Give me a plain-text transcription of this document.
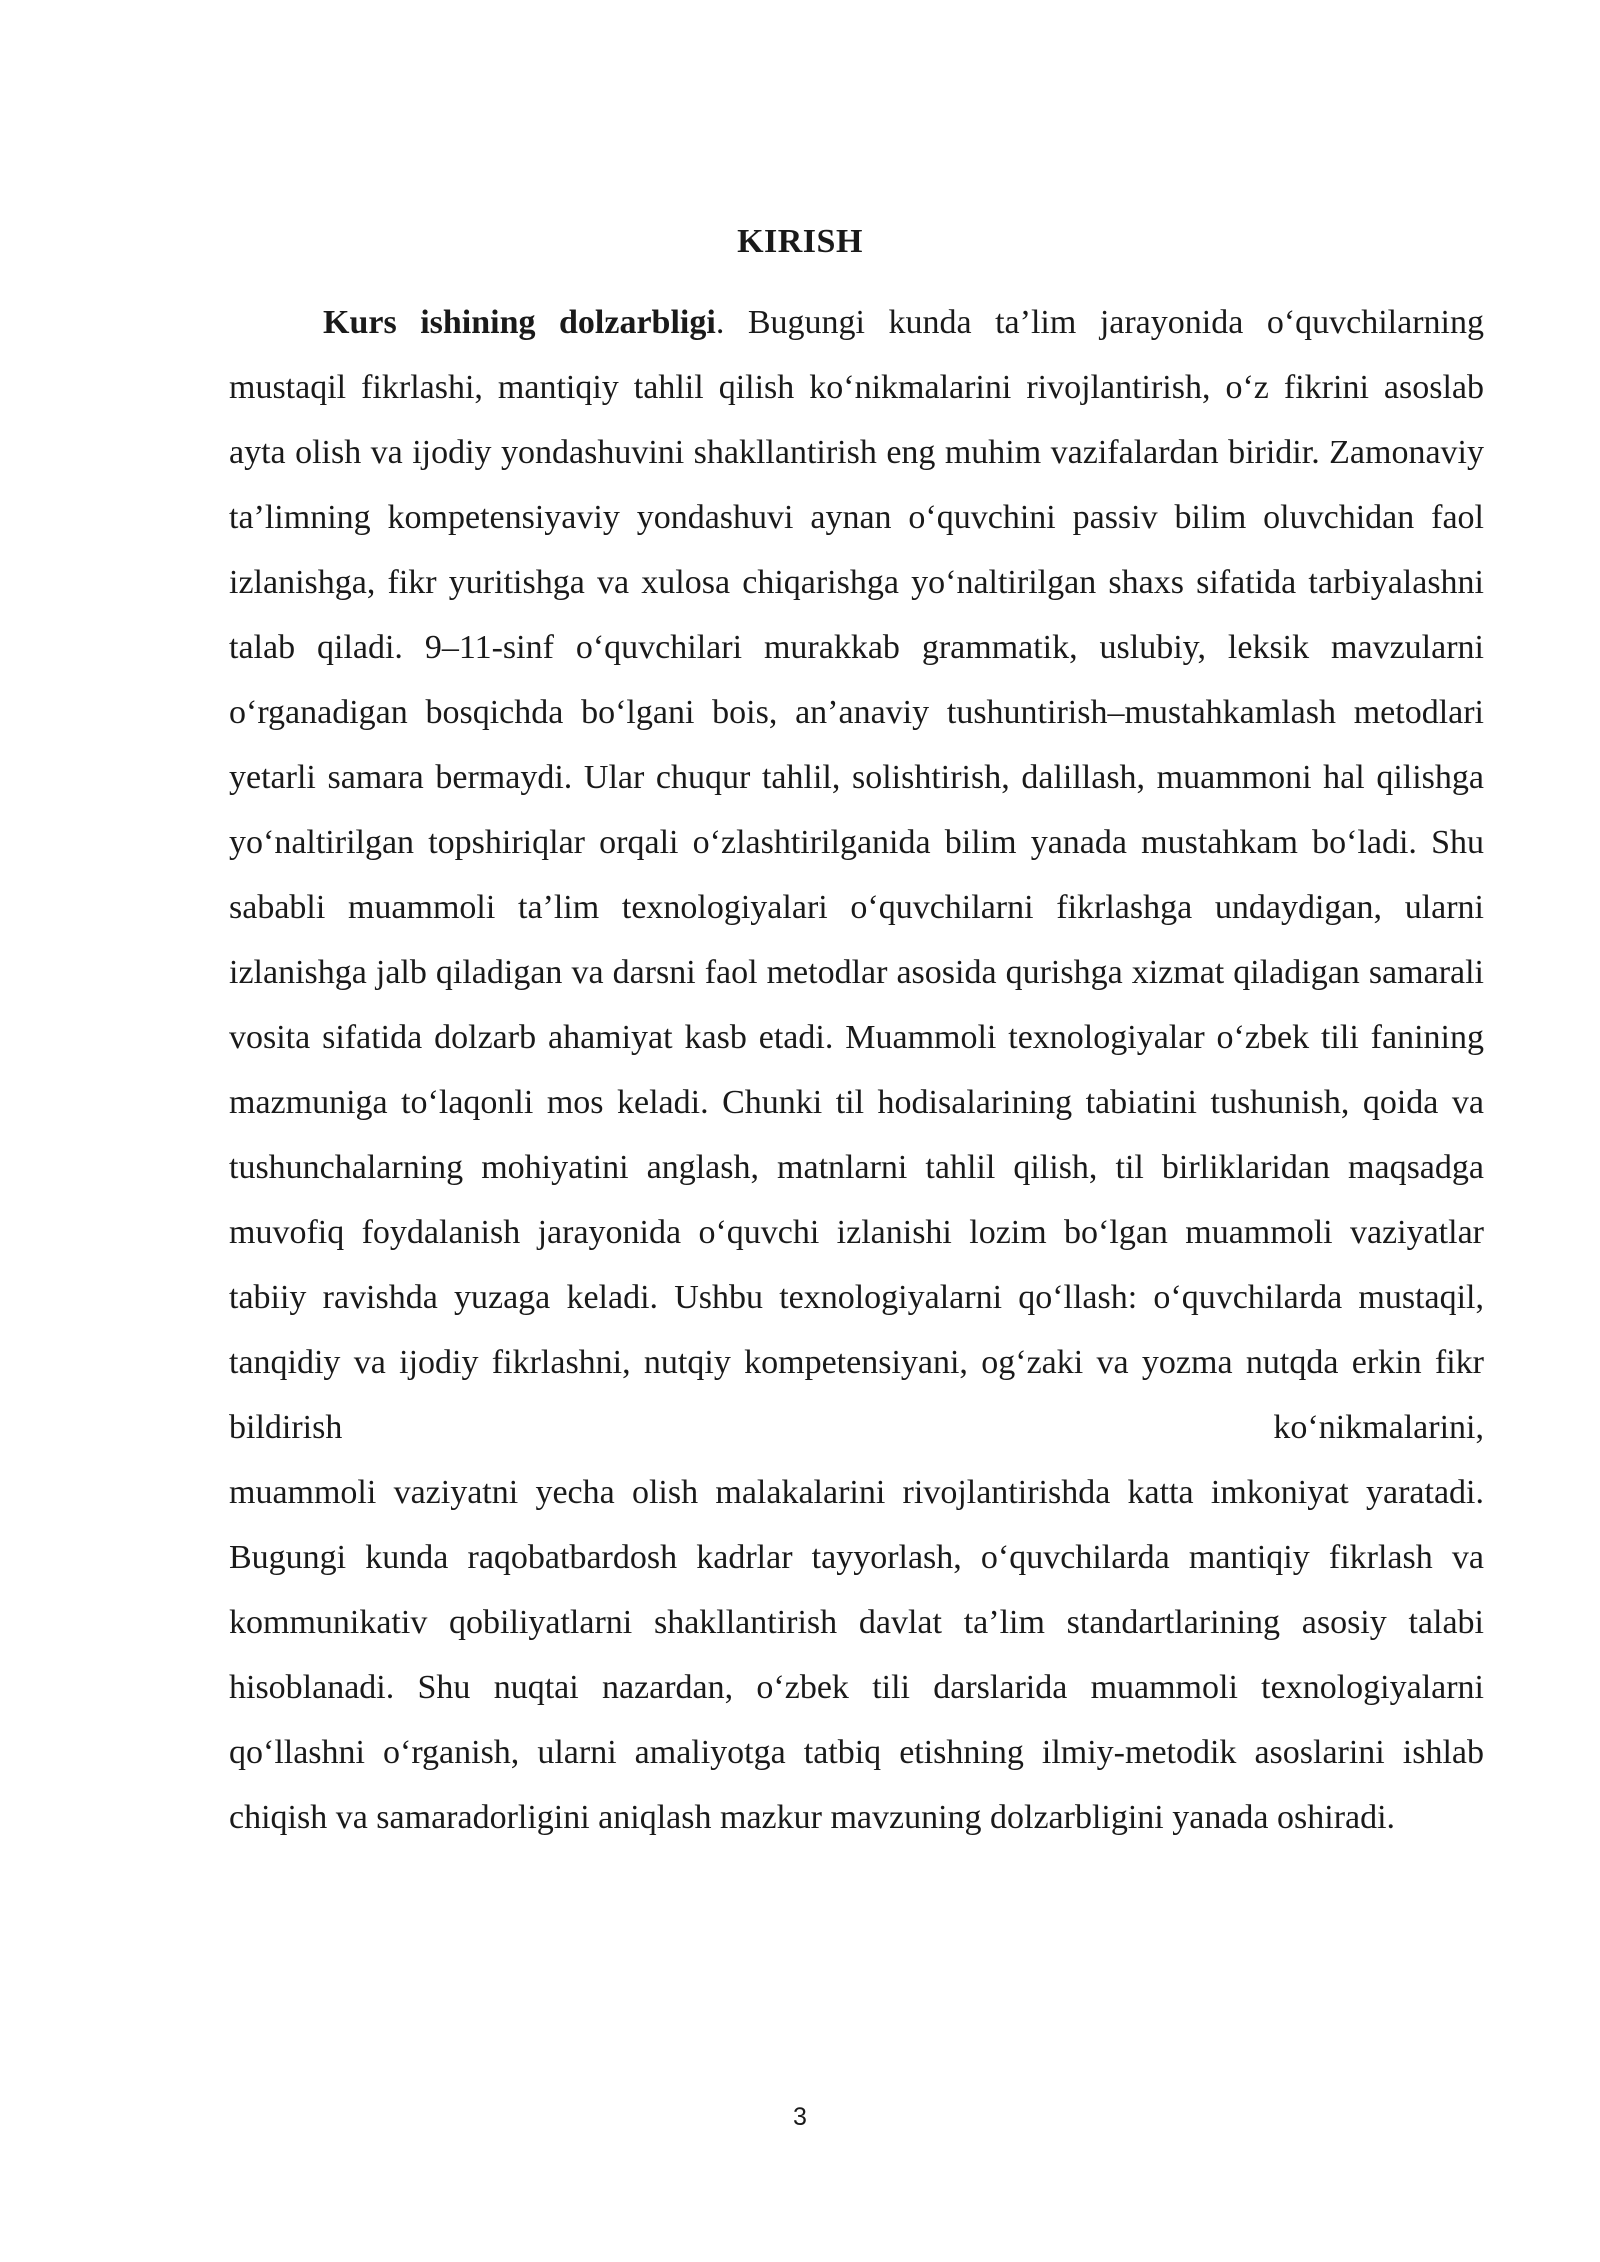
KIRISH

Kurs ishining dolzarbligi. Bugungi kunda ta’lim jarayonida o‘quvchilarning mustaqil fikrlashi, mantiqiy tahlil qilish ko‘nikmalarini rivojlantirish, o‘z fikrini asoslab ayta olish va ijodiy yondashuvini shakllantirish eng muhim vazifalardan biridir. Zamonaviy ta’limning kompetensiyaviy yondashuvi aynan o‘quvchini passiv bilim oluvchidan faol izlanishga, fikr yuritishga va xulosa chiqarishga yo‘naltirilgan shaxs sifatida tarbiyalashni talab qiladi. 9–11-sinf o‘quvchilari murakkab grammatik, uslubiy, leksik mavzularni o‘rganadigan bosqichda bo‘lgani bois, an’anaviy tushuntirish–mustahkamlash metodlari yetarli samara bermaydi. Ular chuqur tahlil, solishtirish, dalillash, muammoni hal qilishga yo‘naltirilgan topshiriqlar orqali o‘zlashtirilganida bilim yanada mustahkam bo‘ladi. Shu sababli muammoli ta’lim texnologiyalari o‘quvchilarni fikrlashga undaydigan, ularni izlanishga jalb qiladigan va darsni faol metodlar asosida qurishga xizmat qiladigan samarali vosita sifatida dolzarb ahamiyat kasb etadi. Muammoli texnologiyalar o‘zbek tili fanining mazmuniga to‘laqonli mos keladi. Chunki til hodisalarining tabiatini tushunish, qoida va tushunchalarning mohiyatini anglash, matnlarni tahlil qilish, til birliklaridan maqsadga muvofiq foydalanish jarayonida o‘quvchi izlanishi lozim bo‘lgan muammoli vaziyatlar tabiiy ravishda yuzaga keladi. Ushbu texnologiyalarni qo‘llash: o‘quvchilarda mustaqil, tanqidiy va ijodiy fikrlashni, nutqiy kompetensiyani, og‘zaki va yozma nutqda erkin fikr bildirish ko‘nikmalarini,

muammoli vaziyatni yecha olish malakalarini rivojlantirishda katta imkoniyat yaratadi. Bugungi kunda raqobatbardosh kadrlar tayyorlash, o‘quvchilarda mantiqiy fikrlash va kommunikativ qobiliyatlarni shakllantirish davlat ta’lim standartlarining asosiy talabi hisoblanadi. Shu nuqtai nazardan, o‘zbek tili darslarida muammoli texnologiyalarni qo‘llashni o‘rganish, ularni amaliyotga tatbiq etishning ilmiy-metodik asoslarini ishlab chiqish va samaradorligini aniqlash mazkur mavzuning dolzarbligini yanada oshiradi.

3
